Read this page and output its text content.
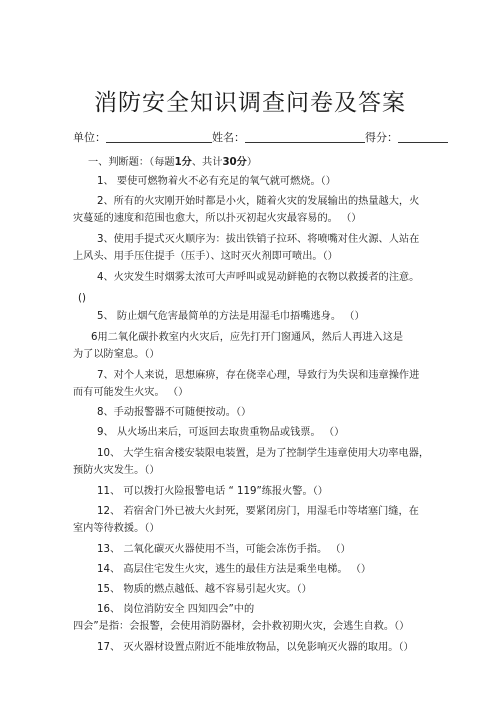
消防安全知识调查问卷及答案
单位：	姓名：	得分：
一、判断题：（每题1分、共计30分）
1、 要使可燃物着火不必有充足的氧气就可燃烧。（）
2、所有的火灾刚开始时都是小火，随着火灾的发展输出的热量越大，火
灾蔓延的速度和范围也愈大，所以扑灭初起火灾最容易的。 （）
3、使用手提式灭火顺序为：拔出铁销子拉环、将喷嘴对住火源、人站在
上风头、用手压住提手（压手）、这时灭火剂即可喷出。（）
4、火灾发生时烟雾太浓可大声呼叫或晃动鲜艳的衣物以救援者的注意。
()
5、 防止烟气危害最简单的方法是用湿毛巾捂嘴逃身。 （）
6用二氧化碳扑救室内火灾后，应先打开门窗通风，然后人再进入这是
为了以防窒息。（）
7、对个人来说，思想麻痹，存在侥幸心理，导致行为失误和违章操作进
而有可能发生火灾。 （）
8、手动报警器不可随便按动。（）
9、 从火场出来后，可返回去取贵重物品或钱票。 （）
10、 大学生宿舍楼安装限电装置，是为了控制学生违章使用大功率电器，
预防火灾发生。（）
11、 可以拨打火险报警电话 “ 119”练报火警。（）
12、 若宿舍门外已被大火封死，要紧闭房门，用湿毛巾等堵塞门缝，在
室内等待救援。（）
13、 二氧化碳灭火器使用不当，可能会冻伤手指。 （）
14、 高层住宅发生火灾，逃生的最佳方法是乘坐电梯。 （）
15、 物质的燃点越低、越不容易引起火灾。（）
16、 岗位消防安全 四知四会”中的
四会”是指：会报警，会使用消防器材，会扑救初期火灾，会逃生自救。（）
17、 灭火器材设置点附近不能堆放物品，以免影响灭火器的取用。（）
